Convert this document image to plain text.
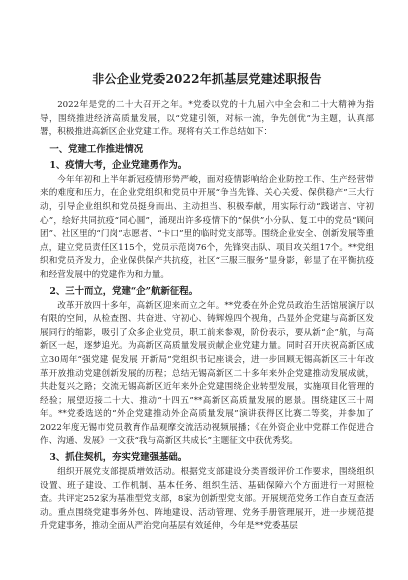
非公企业党委2022年抓基层党建述职报告

2022年是党的二十大召开之年。*党委以党的十九届六中全会和二十大精神为指导，围绕推进经济高质量发展，以“党建引领，对标一流，争先创优”为主题，认真部署，积极推进高新区企业党建工作。现将有关工作总结如下：

一、党建工作推进情况
1、疫情大考，企业党建勇作为。

今年年初和上半年新冠疫情形势严峻，面对疫情影响给企业防控工作、生产经营带来的难度和压力，在企业党组织和党员中开展“争当先锋、关心关爱、保供稳产”三大行动，引导企业组织和党员挺身而出、主动担当、积极奉献，用实际行动“践诺言、守初心”，绘好共同抗疫“同心圆”，涌现出许多疫情下的“保供”小分队、复工中的党员“顾问团”、社区里的“门岗”志愿者、“卡口”里的临时党支部等。围绕企业安全、创新发展等重点，建立党员责任区115个，党员示范岗76个，先锋突击队、项目攻关组17个。**党组织和党员齐发力，企业保供保产共抗疫，社区“三服三服务”显身影，彰显了在平衡抗疫和经营发展中的党建作为和力量。

2、三十而立，党建“企”航新征程。

改革开放四十多年，高新区迎来而立之年。**党委在外企党员政治生活馆展演厅以有限的空间，从检查图、共奋进、守初心、铸辉煌四个视角，凸显外企党建与高新区发展同行的缩影，吸引了众多企业党员，职工前来参观，阶份表示，要从新“企”航，与高新区一起，逐梦追光。为高新区高质量发展贡献企业党建力量。同时召开庆祝高新区成立30周年“强党建 促发展 开新局”党组织书记座谈会，进一步回顾无锡高新区三十年改革开放推动党建创新发展的历程；总结无锡高新区二十多年来外企党建推动发展成就，共赴复兴之路；交流无锡高新区近年来外企党建围绕企业转型发展，实施项目化管理的经验；展望迈接二十大、推动“十四五”**高新区高质量发展的愿景。围绕建区三十周年。**党委选送的“外企党建推动外企高质量发展”演讲获得区比赛二等奖，并参加了2022年度无锡市党员教育作品观摩交流活动视频展播；《在外资企业中党群工作促进合作、沟通、发展》一文获“我与高新区共成长”主题征文中获优秀奖。

3、抓住契机，夯实党建强基础。

组织开展党支部提质增效活动。根据党支部建设分类晋级评价工作要求，围绕组织设置、班子建设、工作机制、基本任务、组织生活、基础保障六个方面进行一对照检查。共评定252家为基准型党支部，8家为创新型党支部。开展规范党务工作自查互查活动。重点围绕党建事务外包、阵地建设、活动管理、党务手册管理展开，进一步规范提升党建事务，推动全面从严治党向基层有效延伸，今年是**党委基层
